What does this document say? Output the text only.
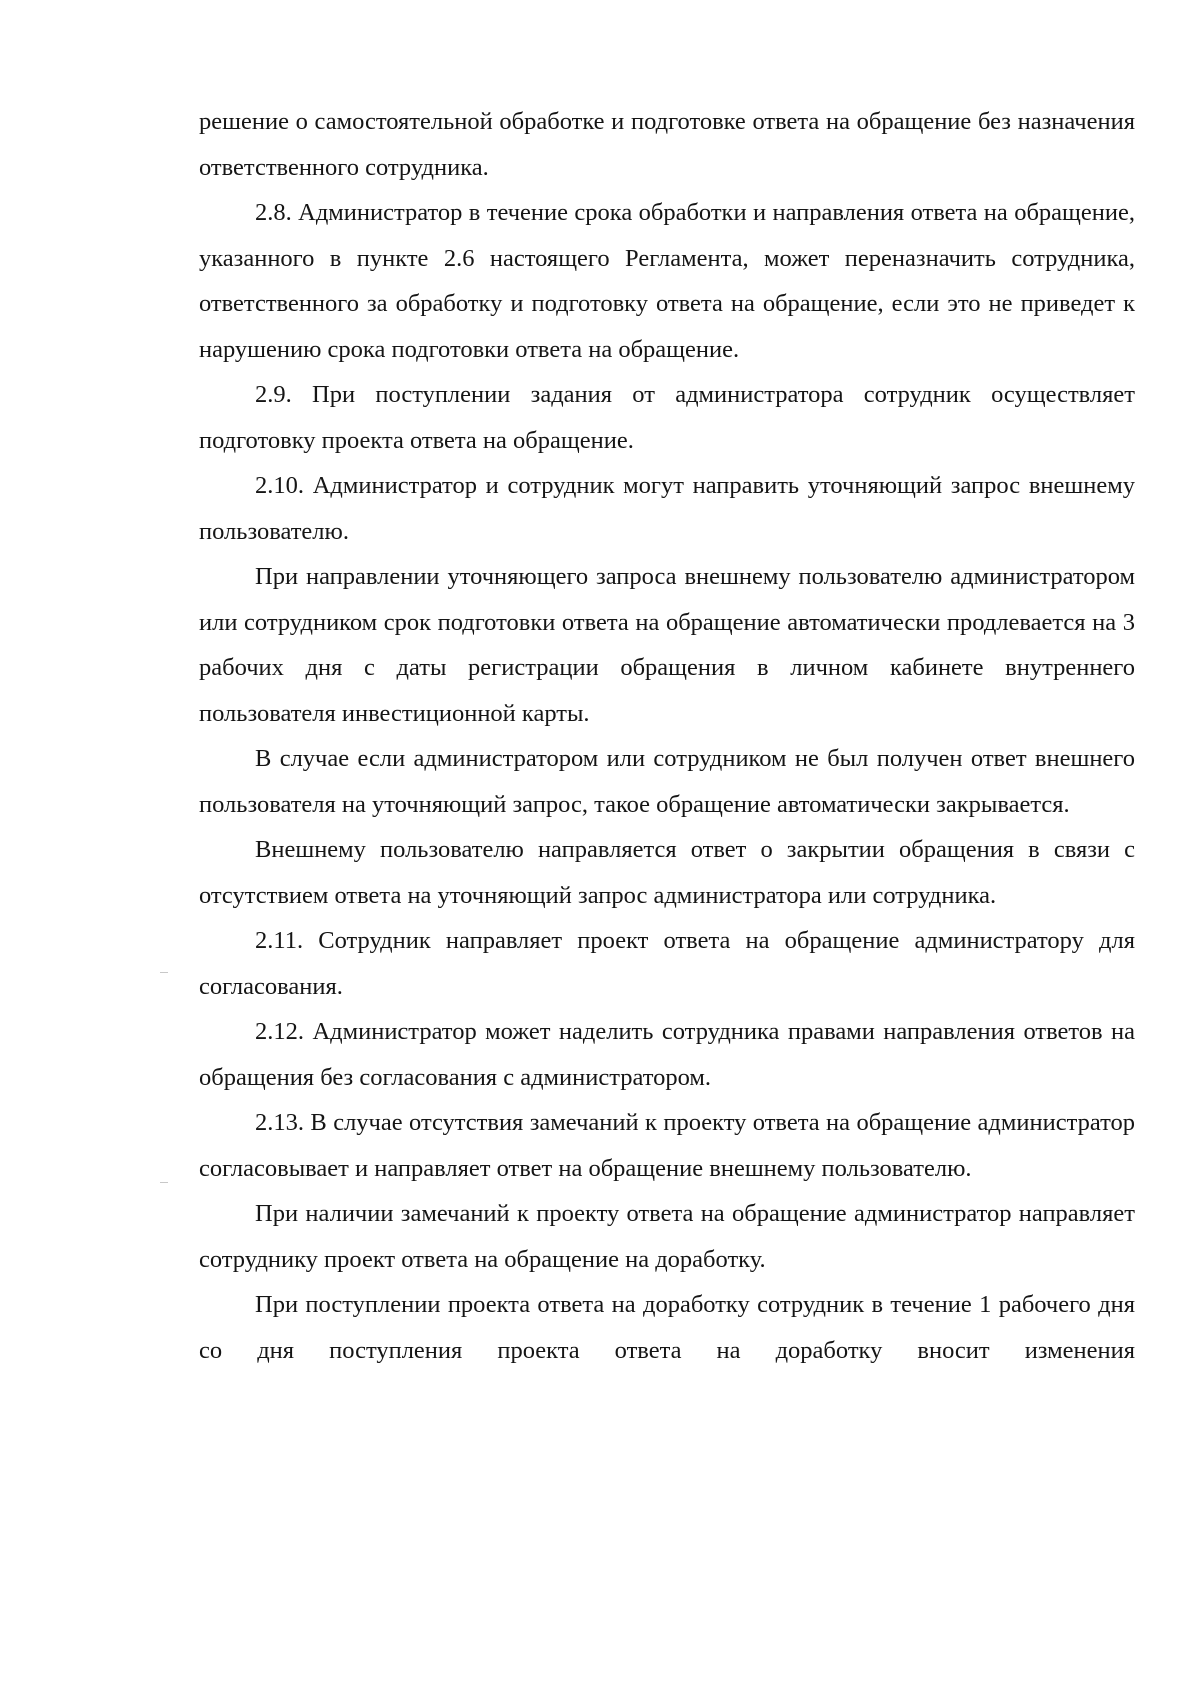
решение о самостоятельной обработке и подготовке ответа на обращение без назначения ответственного сотрудника.

2.8. Администратор в течение срока обработки и направления ответа на обращение, указанного в пункте 2.6 настоящего Регламента, может переназначить сотрудника, ответственного за обработку и подготовку ответа на обращение, если это не приведет к нарушению срока подготовки ответа на обращение.

2.9. При поступлении задания от администратора сотрудник осуществляет подготовку проекта ответа на обращение.

2.10. Администратор и сотрудник могут направить уточняющий запрос внешнему пользователю.

При направлении уточняющего запроса внешнему пользователю администратором или сотрудником срок подготовки ответа на обращение автоматически продлевается на 3 рабочих дня с даты регистрации обращения в личном кабинете внутреннего пользователя инвестиционной карты.

В случае если администратором или сотрудником не был получен ответ внешнего пользователя на уточняющий запрос, такое обращение автоматически закрывается.

Внешнему пользователю направляется ответ о закрытии обращения в связи с отсутствием ответа на уточняющий запрос администратора или сотрудника.

2.11. Сотрудник направляет проект ответа на обращение администратору для согласования.

2.12. Администратор может наделить сотрудника правами направления ответов на обращения без согласования с администратором.

2.13. В случае отсутствия замечаний к проекту ответа на обращение администратор согласовывает и направляет ответ на обращение внешнему пользователю.

При наличии замечаний к проекту ответа на обращение администратор направляет сотруднику проект ответа на обращение на доработку.

При поступлении проекта ответа на доработку сотрудник в течение 1 рабочего дня со дня поступления проекта ответа на доработку вносит изменения
